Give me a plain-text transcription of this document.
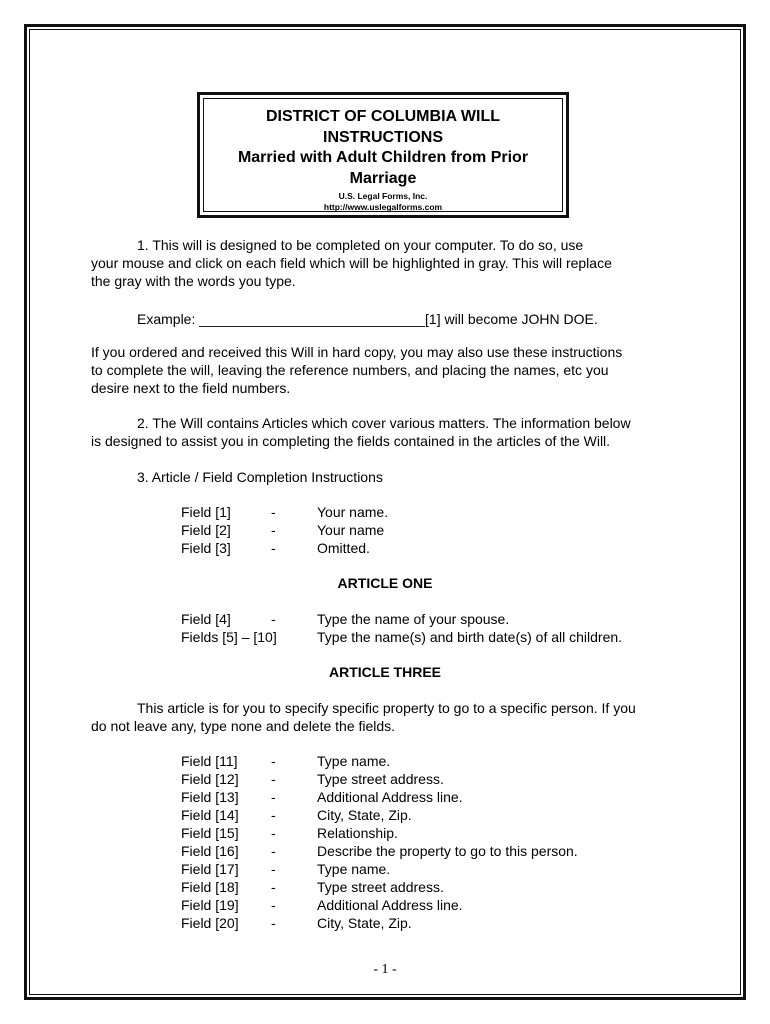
DISTRICT OF COLUMBIA WILL
INSTRUCTIONS
Married with Adult Children from Prior
Marriage
U.S. Legal Forms, Inc.
http://www.uslegalforms.com
1. This will is designed to be completed on your computer. To do so, use
your mouse and click on each field which will be highlighted in gray. This will replace
the gray with the words you type.
Example: _____________________________[1] will become JOHN DOE.
If you ordered and received this Will in hard copy, you may also use these instructions
to complete the will, leaving the reference numbers, and placing the names, etc you
desire next to the field numbers.
2. The Will contains Articles which cover various matters. The information below
is designed to assist you in completing the fields contained in the articles of the Will.
3. Article / Field Completion Instructions
Field [1]	-	Your name.
Field [2]	-	Your name
Field [3]	-	Omitted.
ARTICLE ONE
Field [4]	-	Type the name of your spouse.
Fields [5] – [10]	Type the name(s) and birth date(s) of all children.
ARTICLE THREE
This article is for you to specify specific property to go to a specific person. If you
do not leave any, type none and delete the fields.
Field [11] -	Type name.
Field [12] -	Type street address.
Field [13] -	Additional Address line.
Field [14] -	City, State, Zip.
Field [15] -	Relationship.
Field [16] -	Describe the property to go to this person.
Field [17] -	Type name.
Field [18] -	Type street address.
Field [19] -	Additional Address line.
Field [20] -	City, State, Zip.
- 1 -
